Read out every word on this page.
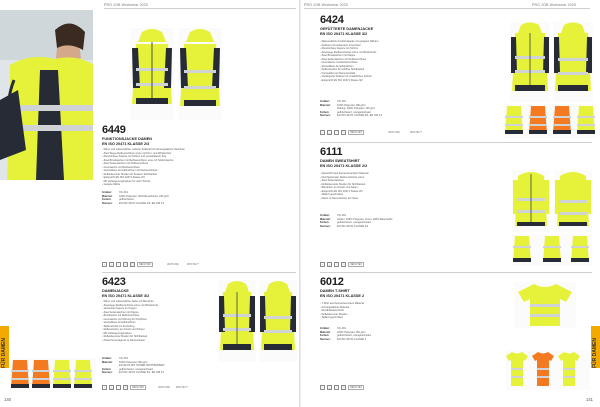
PRO JOB Workwear 2025
6449
FUNKTIONSJACKE DAMEN
EN ISO 20471 KLASSE 2/3
- Wind- und wasserdichte, isolierte Softshell mit atmungsaktiver Membran
- Zwei Wege-Reißverschluss vorne mit Kinn- und Windschutz
- Abnehmbare Kapuze mit Schirm und verstellbarem Zug
- Zwei Brusttaschen mit Reißverschluss, eine mit Telefontasche
- Zwei Seitentaschen mit Reißverschluss
- Innentasche mit Reißverschluss
- Verstellbare Ärmelbündchen mit Klettverschluss
- Reflektierende Streifen für bessere Sichtbarkeit
- Entspricht EN ISO 20471 Klasse 2/3
- Mit Verlängerungsrücken für mehr Schutz
- Getapte Nähte
Größen:	XS–3XL
Material:	100% Polyester, 2016 Beschichtet, 240 g/m²
Farben:	gelb/schwarz
Normen:	EN ISO 20471 KLASSE 2/3, EN 343 3:1
~	△	○	▭	◯	OEKO-TEX	VENTURE	PROTECT
6423
DAMENJACKE
EN ISO 20471 KLASSE 3/2
- Wind- und wasserdichte Jacke mit Membran
- Zweiwege-Reißverschluss vorne mit Windschutz
- Verdeckte Kapuze im Kragen
- Zwei Seitentaschen mit Klappe
- Brusttasche mit Reißverschluss
- Innentasche mit Öffnung für Kopfhörer
- Verstellbare Ärmelbündchen
- Taillenschnitt mit Kordelzug
- Reflexstreifen an Ärmeln und Körper
- Mit Verlängerungsrücken
- Reflektierende Streifen für Sichtbarkeit
- Passt hervorragend zu Damenhosen
Größen:	XS–3XL
Material:	100% Polyester 290 g/m²
EN 20471 MIT HOHER SICHTBARKEIT
Farben:	gelb/schwarz, orange/schwarz
Normen:	EN ISO 20471 KLASSE 3/2, EN 343 3:1
~	△	○	▭	OEKO-TEX	VENTURE PROTECT
FÜR DAMEN
140
PRO JOB Workwear 2025	PRO JOB Workwear 2025
6424
GEFÜTTERTE DAMENJACKE
EN ISO 20471 KLASSE 3/2
- Wasserdichte Funktionsjacke mit getapten Nähten
- Gefüttert mit wattiertem Innenfutter
- Abnehmbare Kapuze mit Schirm
- Zweiwege-Reißverschluss vorne mit Windschutz
- Zwei Brusttaschen mit Klappe
- Zwei Seitentaschen mit Reißverschluss
- Innentasche mit Reißverschluss
- Verstellbare Ärmelbündchen
- Reflexstreifen für erhöhte Sichtbarkeit
- Kompatibel mit Namensschild
- Verlängerter Rücken für zusätzlichen Schutz
- Entspricht EN ISO 20471 Klasse 3/2
Größen:	XS–3XL
Material:	100% Polyester 190 g/m²
Füllung: 100% Polyester 120 g/m²
Farben:	gelb/schwarz, orange/schwarz
Normen:	EN ISO 20471 KLASSE 3/2, EN 343 3:1
~	△	○	▭	OEKO-TEX	VENTURE	PROTECT
6111
DAMEN SWEATSHIRT
EN ISO 20471 KLASSE 2/2
- Sweatshirt aus fluoreszierendem Material
- Durchgehender Reißverschluss vorne
- Zwei Seitentaschen
- Reflektierende Streifen für Sichtbarkeit
- Bündchen an Ärmeln und Saum
- Entspricht EN ISO 20471 Klasse 2/2
- Tailliert geschnitten
- Passt zu Damenhosen der Serie
Größen:	XS–3XL
Material:	Außen: 100% Polyester, Innen: 100% Baumwolle
Farben:	gelb/schwarz, orange/schwarz
Normen:	EN ISO 20471 KLASSE 2/2
~	△	○	▭	OEKO-TEX
6012
DAMEN T-SHIRT
EN ISO 20471 KLASSE 2
- T-Shirt aus fluoreszierendem Material
- Atmungsaktives Material
- Rundhalsausschnitt
- Reflektierende Streifen
- Tailliert geschnitten
Größen:	XS–3XL
Material:	100% Polyester 150 g/m²
Farben:	gelb/schwarz, orange/schwarz
Normen:	EN ISO 20471 KLASSE 2
~	△	○	▭	OEKO-TEX
FÜR DAMEN
141
